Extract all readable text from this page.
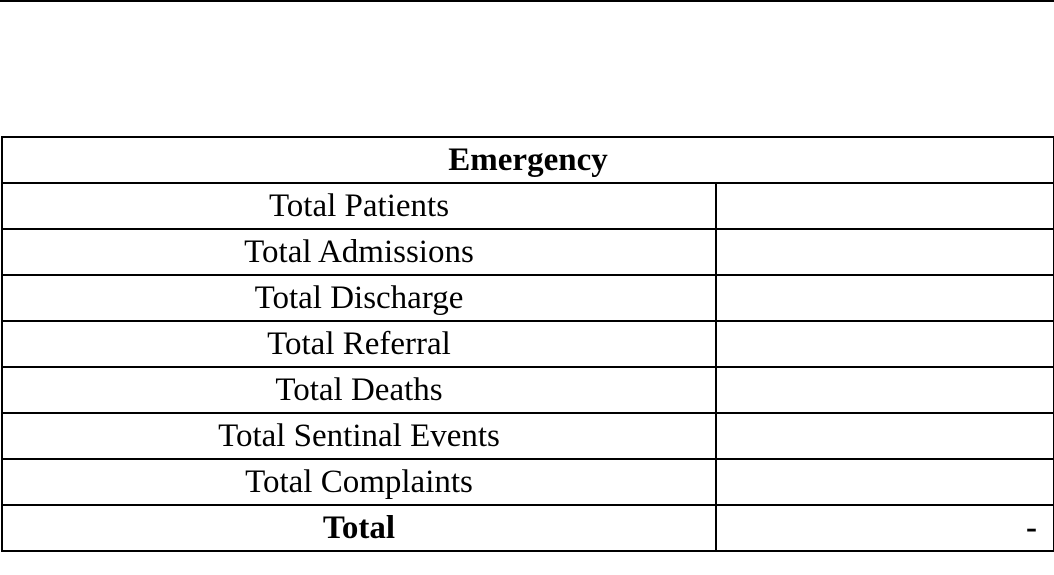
Emergency	
Total Patients	
Total Admissions	
Total Discharge	
Total Referral	
Total Deaths	
Total Sentinal Events	
Total Complaints	
Total	-
